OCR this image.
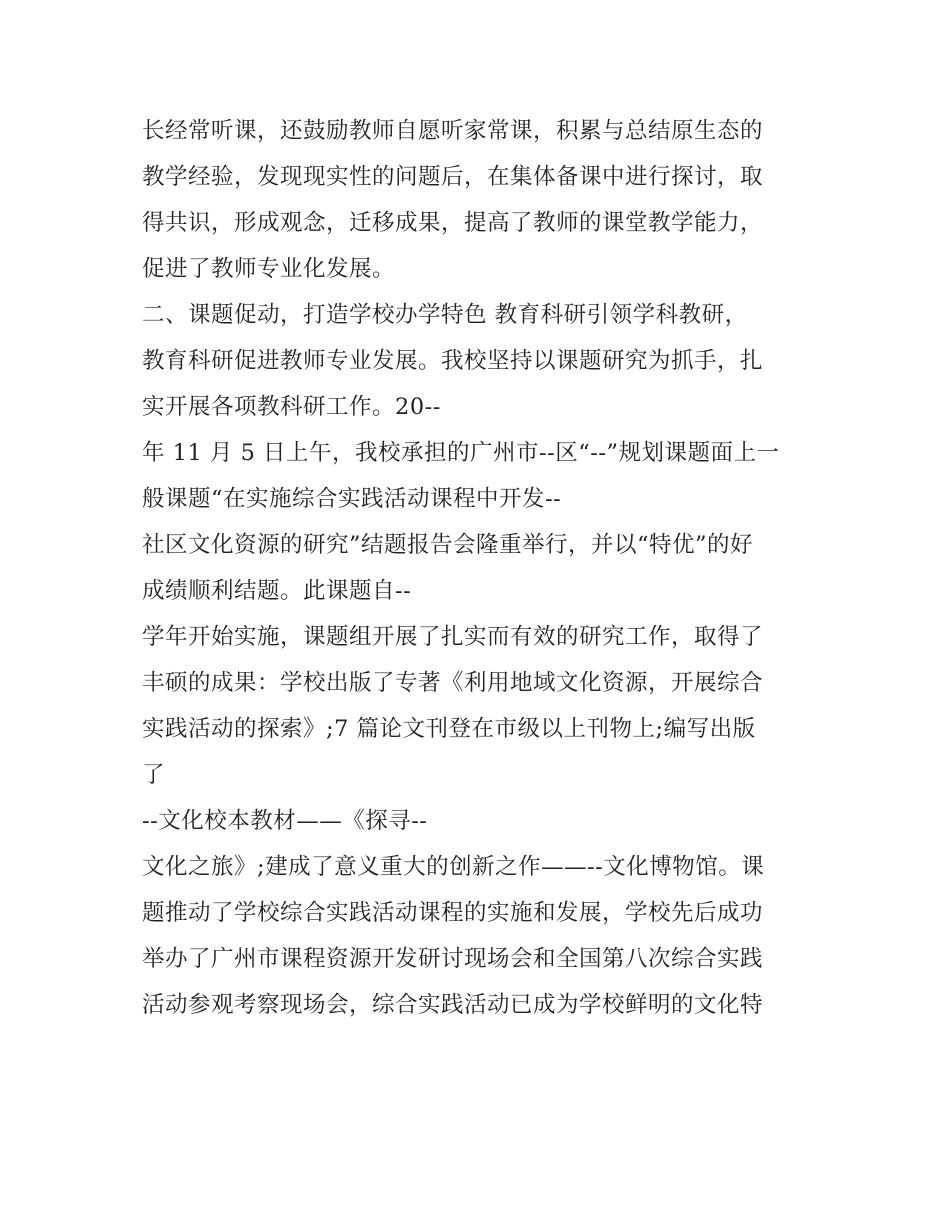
长经常听课，还鼓励教师自愿听家常课，积累与总结原生态的
教学经验，发现现实性的问题后，在集体备课中进行探讨，取
得共识，形成观念，迁移成果，提高了教师的课堂教学能力，
促进了教师专业化发展。
二、课题促动，打造学校办学特色 教育科研引领学科教研，
教育科研促进教师专业发展。我校坚持以课题研究为抓手，扎
实开展各项教科研工作。20--
年 11 月 5 日上午，我校承担的广州市--区“--”规划课题面上一
般课题“在实施综合实践活动课程中开发--
社区文化资源的研究”结题报告会隆重举行，并以“特优”的好
成绩顺利结题。此课题自--
学年开始实施，课题组开展了扎实而有效的研究工作，取得了
丰硕的成果：学校出版了专著《利用地域文化资源，开展综合
实践活动的探索》;7 篇论文刊登在市级以上刊物上;编写出版
了
--文化校本教材——《探寻--
文化之旅》;建成了意义重大的创新之作——--文化博物馆。课
题推动了学校综合实践活动课程的实施和发展，学校先后成功
举办了广州市课程资源开发研讨现场会和全国第八次综合实践
活动参观考察现场会，综合实践活动已成为学校鲜明的文化特
